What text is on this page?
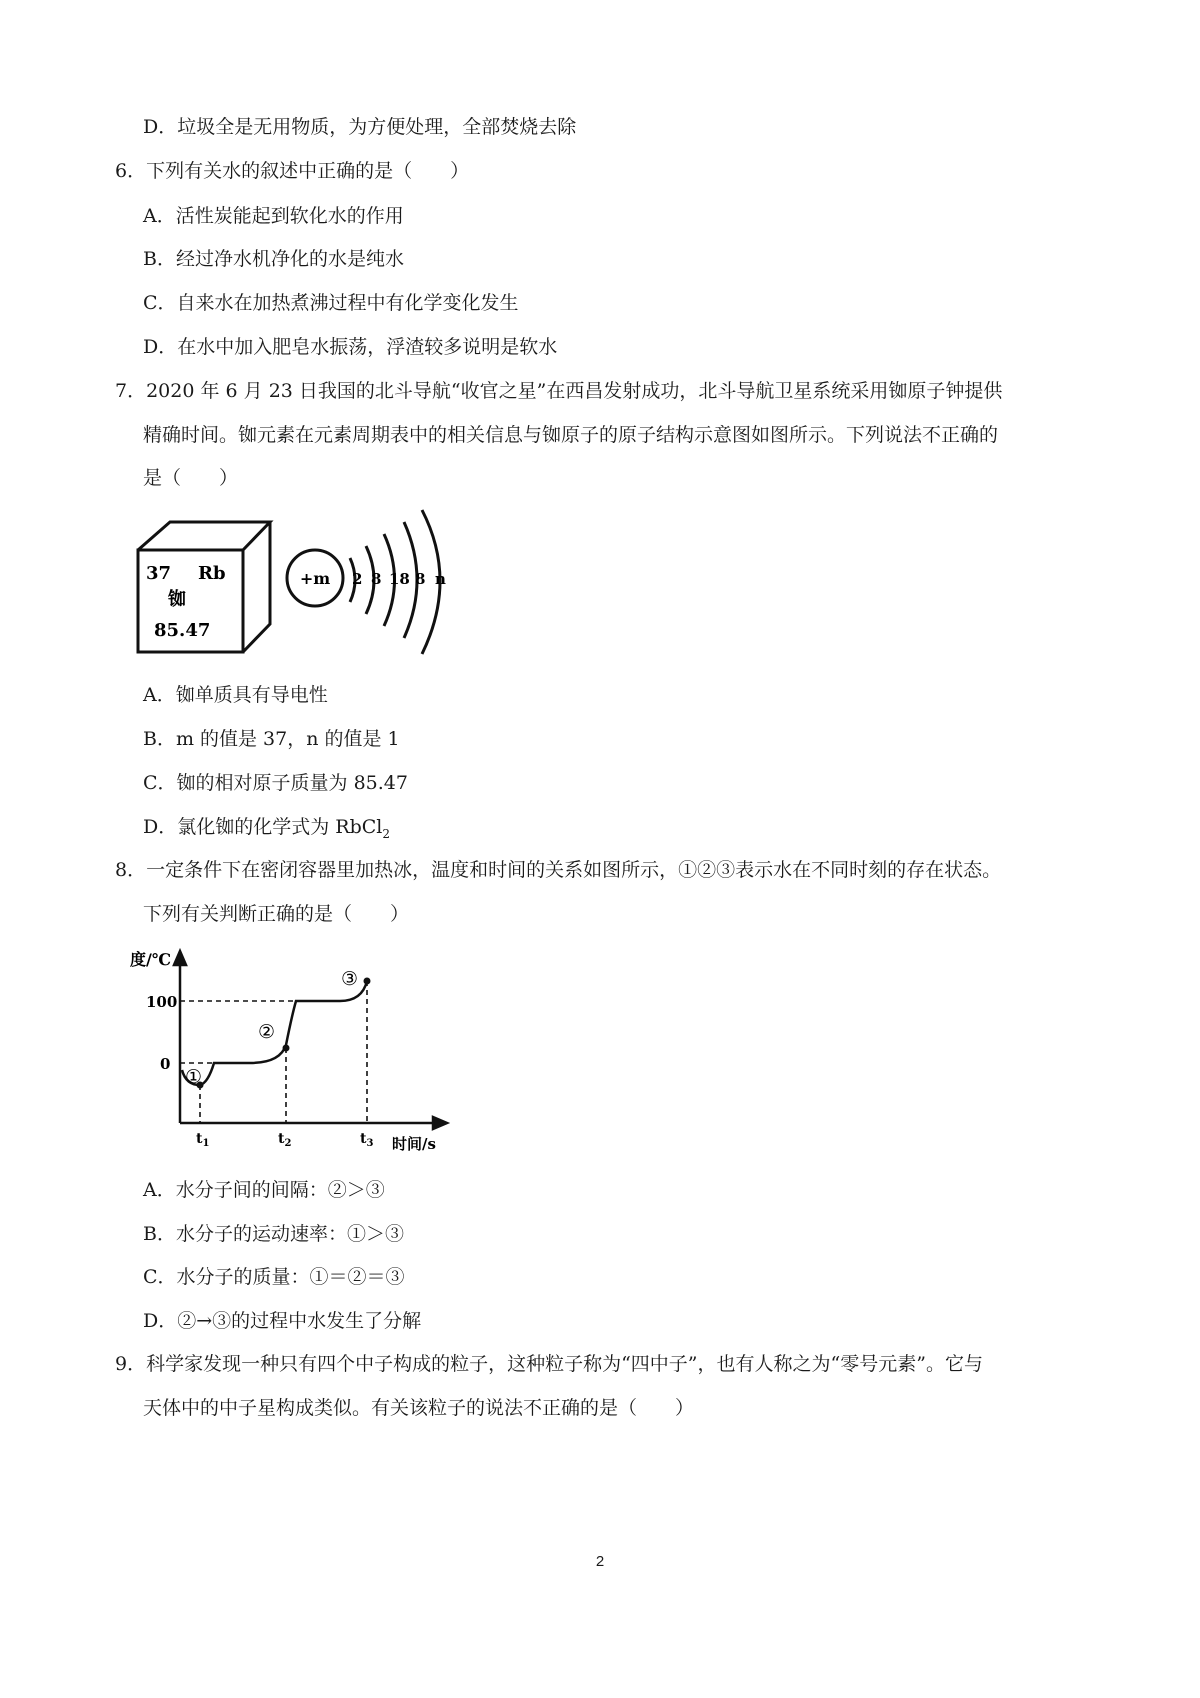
D．垃圾全是无用物质，为方便处理，全部焚烧去除
6．下列有关水的叙述中正确的是（　　）
A．活性炭能起到软化水的作用
B．经过净水机净化的水是纯水
C．自来水在加热煮沸过程中有化学变化发生
D．在水中加入肥皂水振荡，浮渣较多说明是软水
7．2020 年 6 月 23 日我国的北斗导航“收官之星”在西昌发射成功，北斗导航卫星系统采用铷原子钟提供
精确时间。铷元素在元素周期表中的相关信息与铷原子的原子结构示意图如图所示。下列说法不正确的
是（　　）
37 Rb
铷
85.47
+m 2 8 18 8 n
A．铷单质具有导电性
B．m 的值是 37，n 的值是 1
C．铷的相对原子质量为 85.47
D．氯化铷的化学式为 RbCl$_2$
8．一定条件下在密闭容器里加热冰，温度和时间的关系如图所示，①②③表示水在不同时刻的存在状态。
下列有关判断正确的是（　　）
度/℃
时间/s
100
0
$t_1$	$t_2$	$t_3$
①
②
③
A．水分子间的间隔：②＞③
B．水分子的运动速率：①＞③
C．水分子的质量：①＝②＝③
D．②→③的过程中水发生了分解
9．科学家发现一种只有四个中子构成的粒子，这种粒子称为“四中子”，也有人称之为“零号元素”。它与
天体中的中子星构成类似。有关该粒子的说法不正确的是（　　）
2
